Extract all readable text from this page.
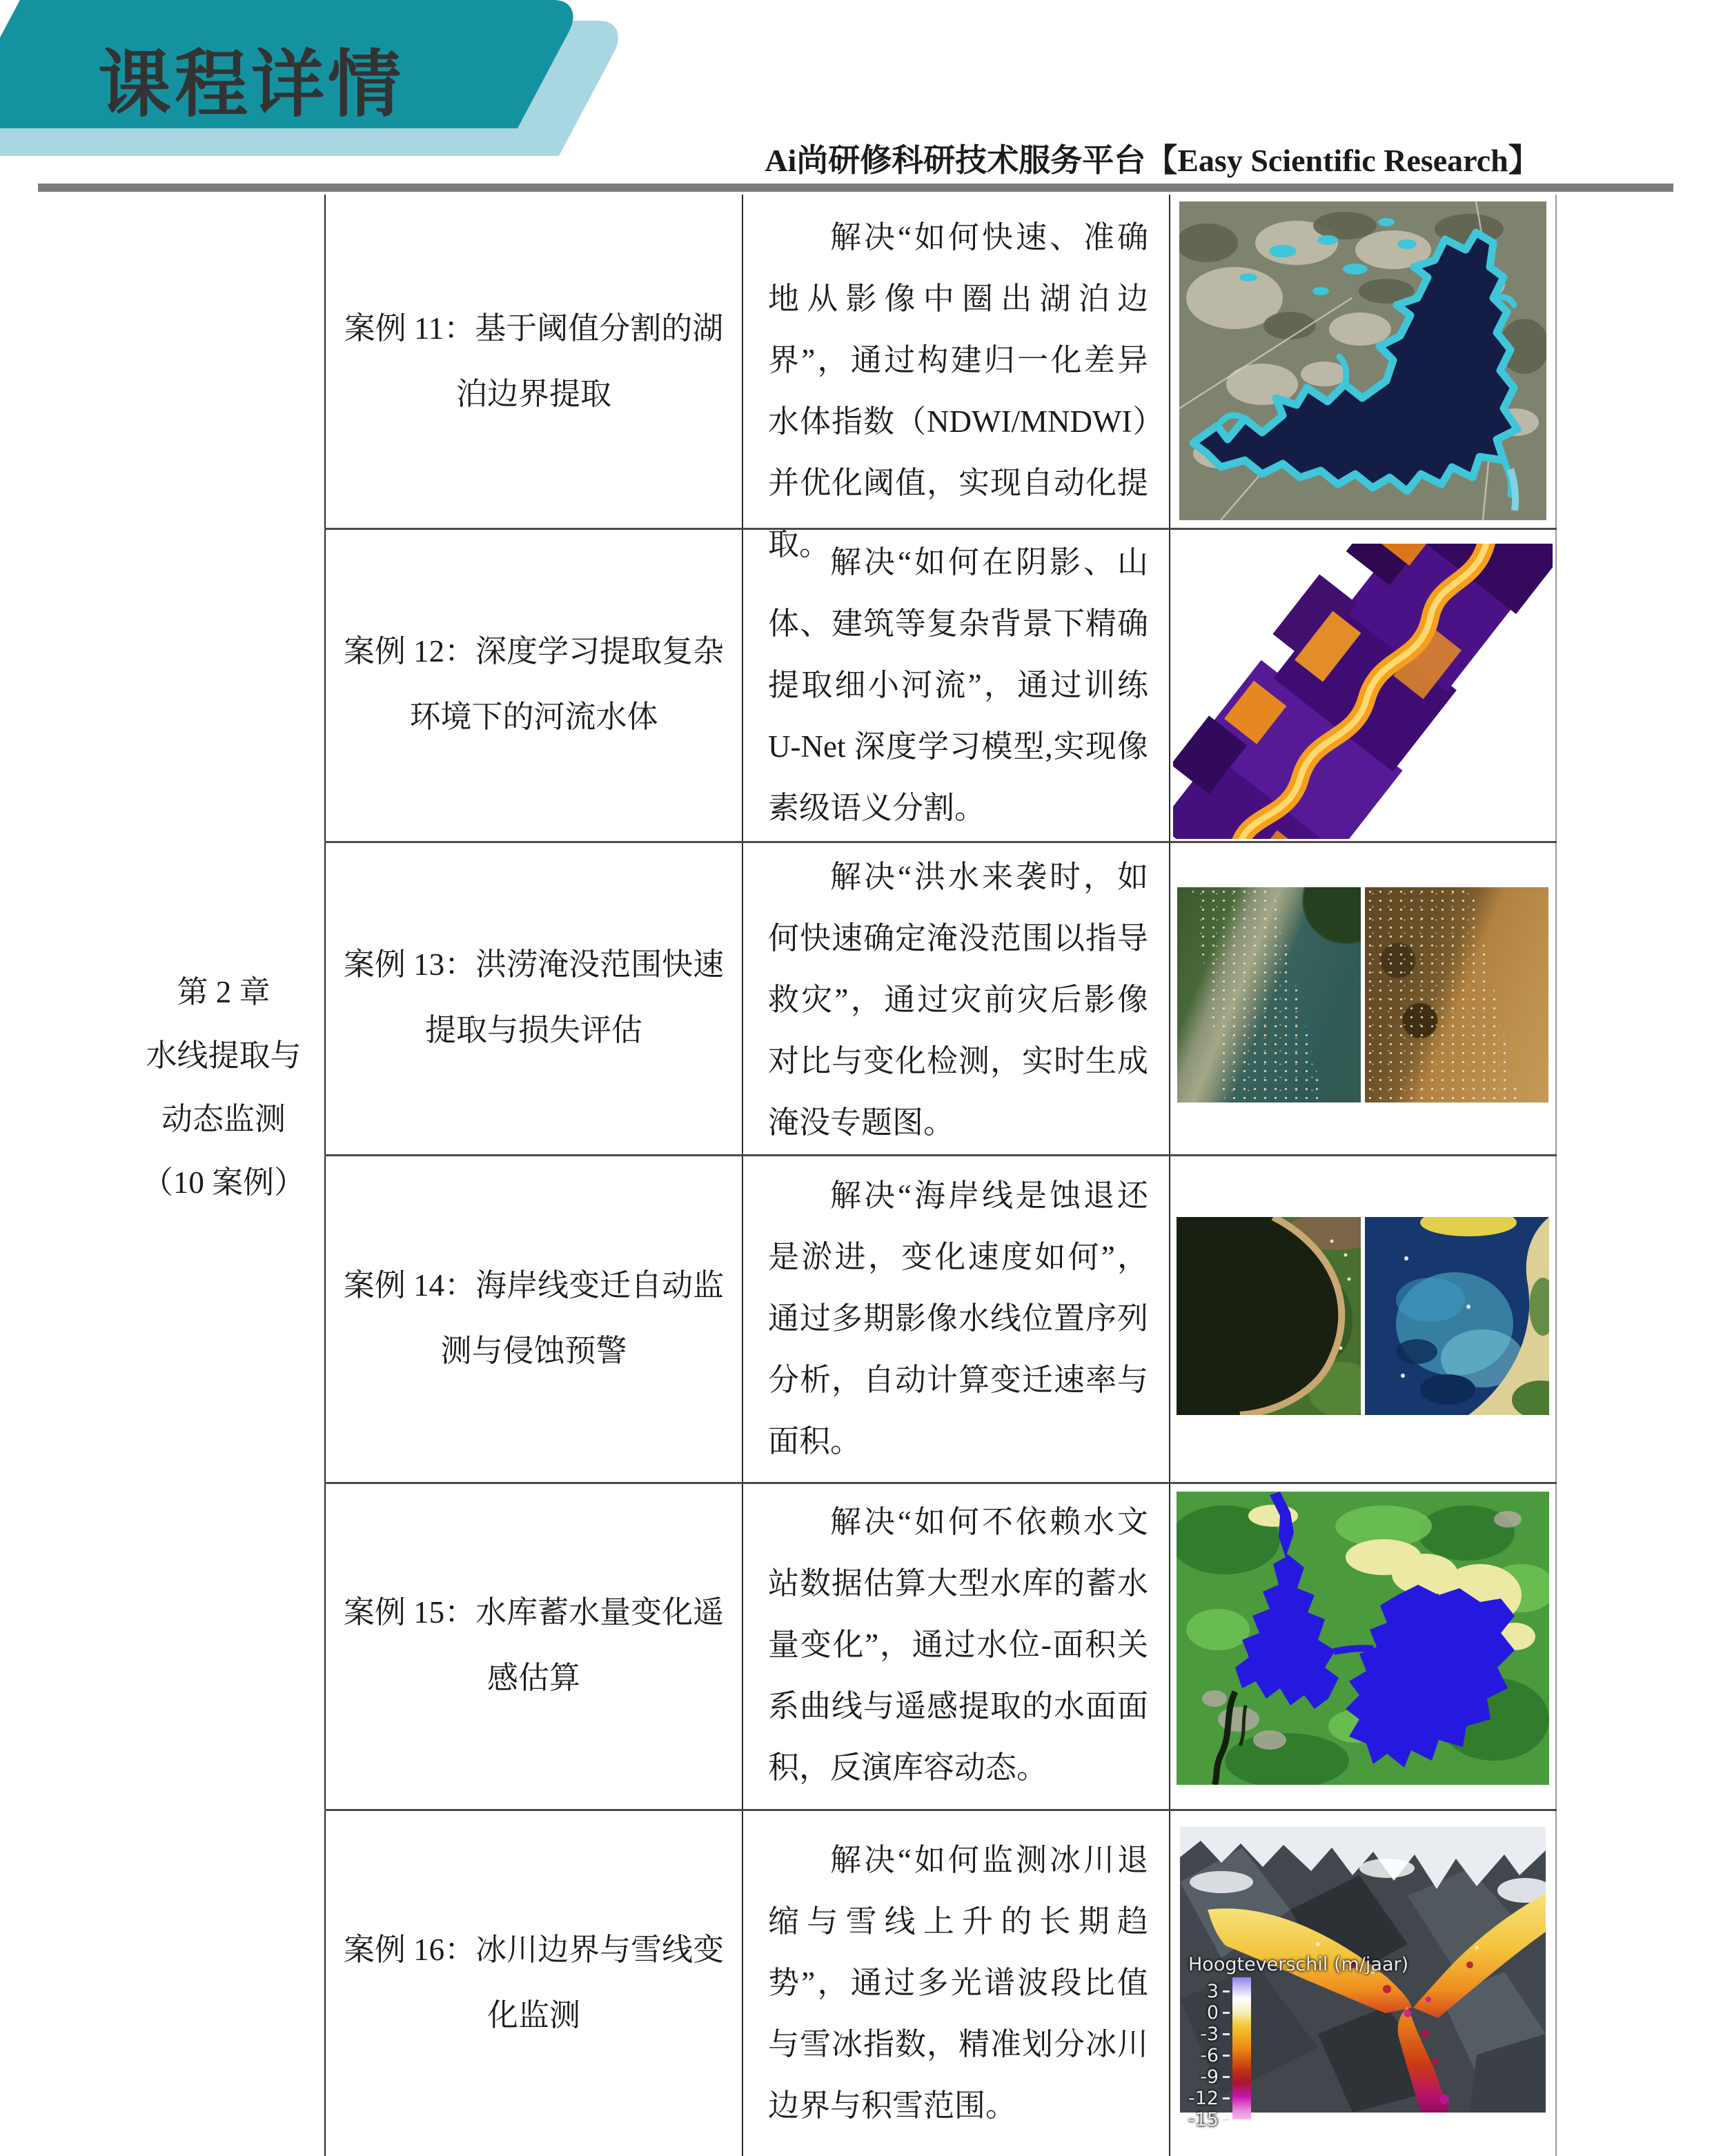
课程详情
Ai尚研修科研技术服务平台【Easy Scientific Research】
第 2 章
水线提取与
动态监测
（10 案例）
案例 11：基于阈值分割的湖泊边界提取
解决“如何快速、准确地从影像中圈出湖泊边界”，通过构建归一化差异水体指数（NDWI/MNDWI）并优化阈值，实现自动化提取。
案例 12：深度学习提取复杂环境下的河流水体
解决“如何在阴影、山体、建筑等复杂背景下精确提取细小河流”，通过训练 U-Net 深度学习模型,实现像素级语义分割。
案例 13：洪涝淹没范围快速提取与损失评估
解决“洪水来袭时，如何快速确定淹没范围以指导救灾”，通过灾前灾后影像对比与变化检测，实时生成淹没专题图。
案例 14：海岸线变迁自动监测与侵蚀预警
解决“海岸线是蚀退还是淤进，变化速度如何”，通过多期影像水线位置序列分析，自动计算变迁速率与面积。
案例 15：水库蓄水量变化遥感估算
解决“如何不依赖水文站数据估算大型水库的蓄水量变化”，通过水位-面积关系曲线与遥感提取的水面面积，反演库容动态。
案例 16：冰川边界与雪线变化监测
解决“如何监测冰川退缩与雪线上升的长期趋势”，通过多光谱波段比值与雪冰指数，精准划分冰川边界与积雪范围。
Hoogteverschil (m/jaar)
3
0
-3
-6
-9
-12
-15
